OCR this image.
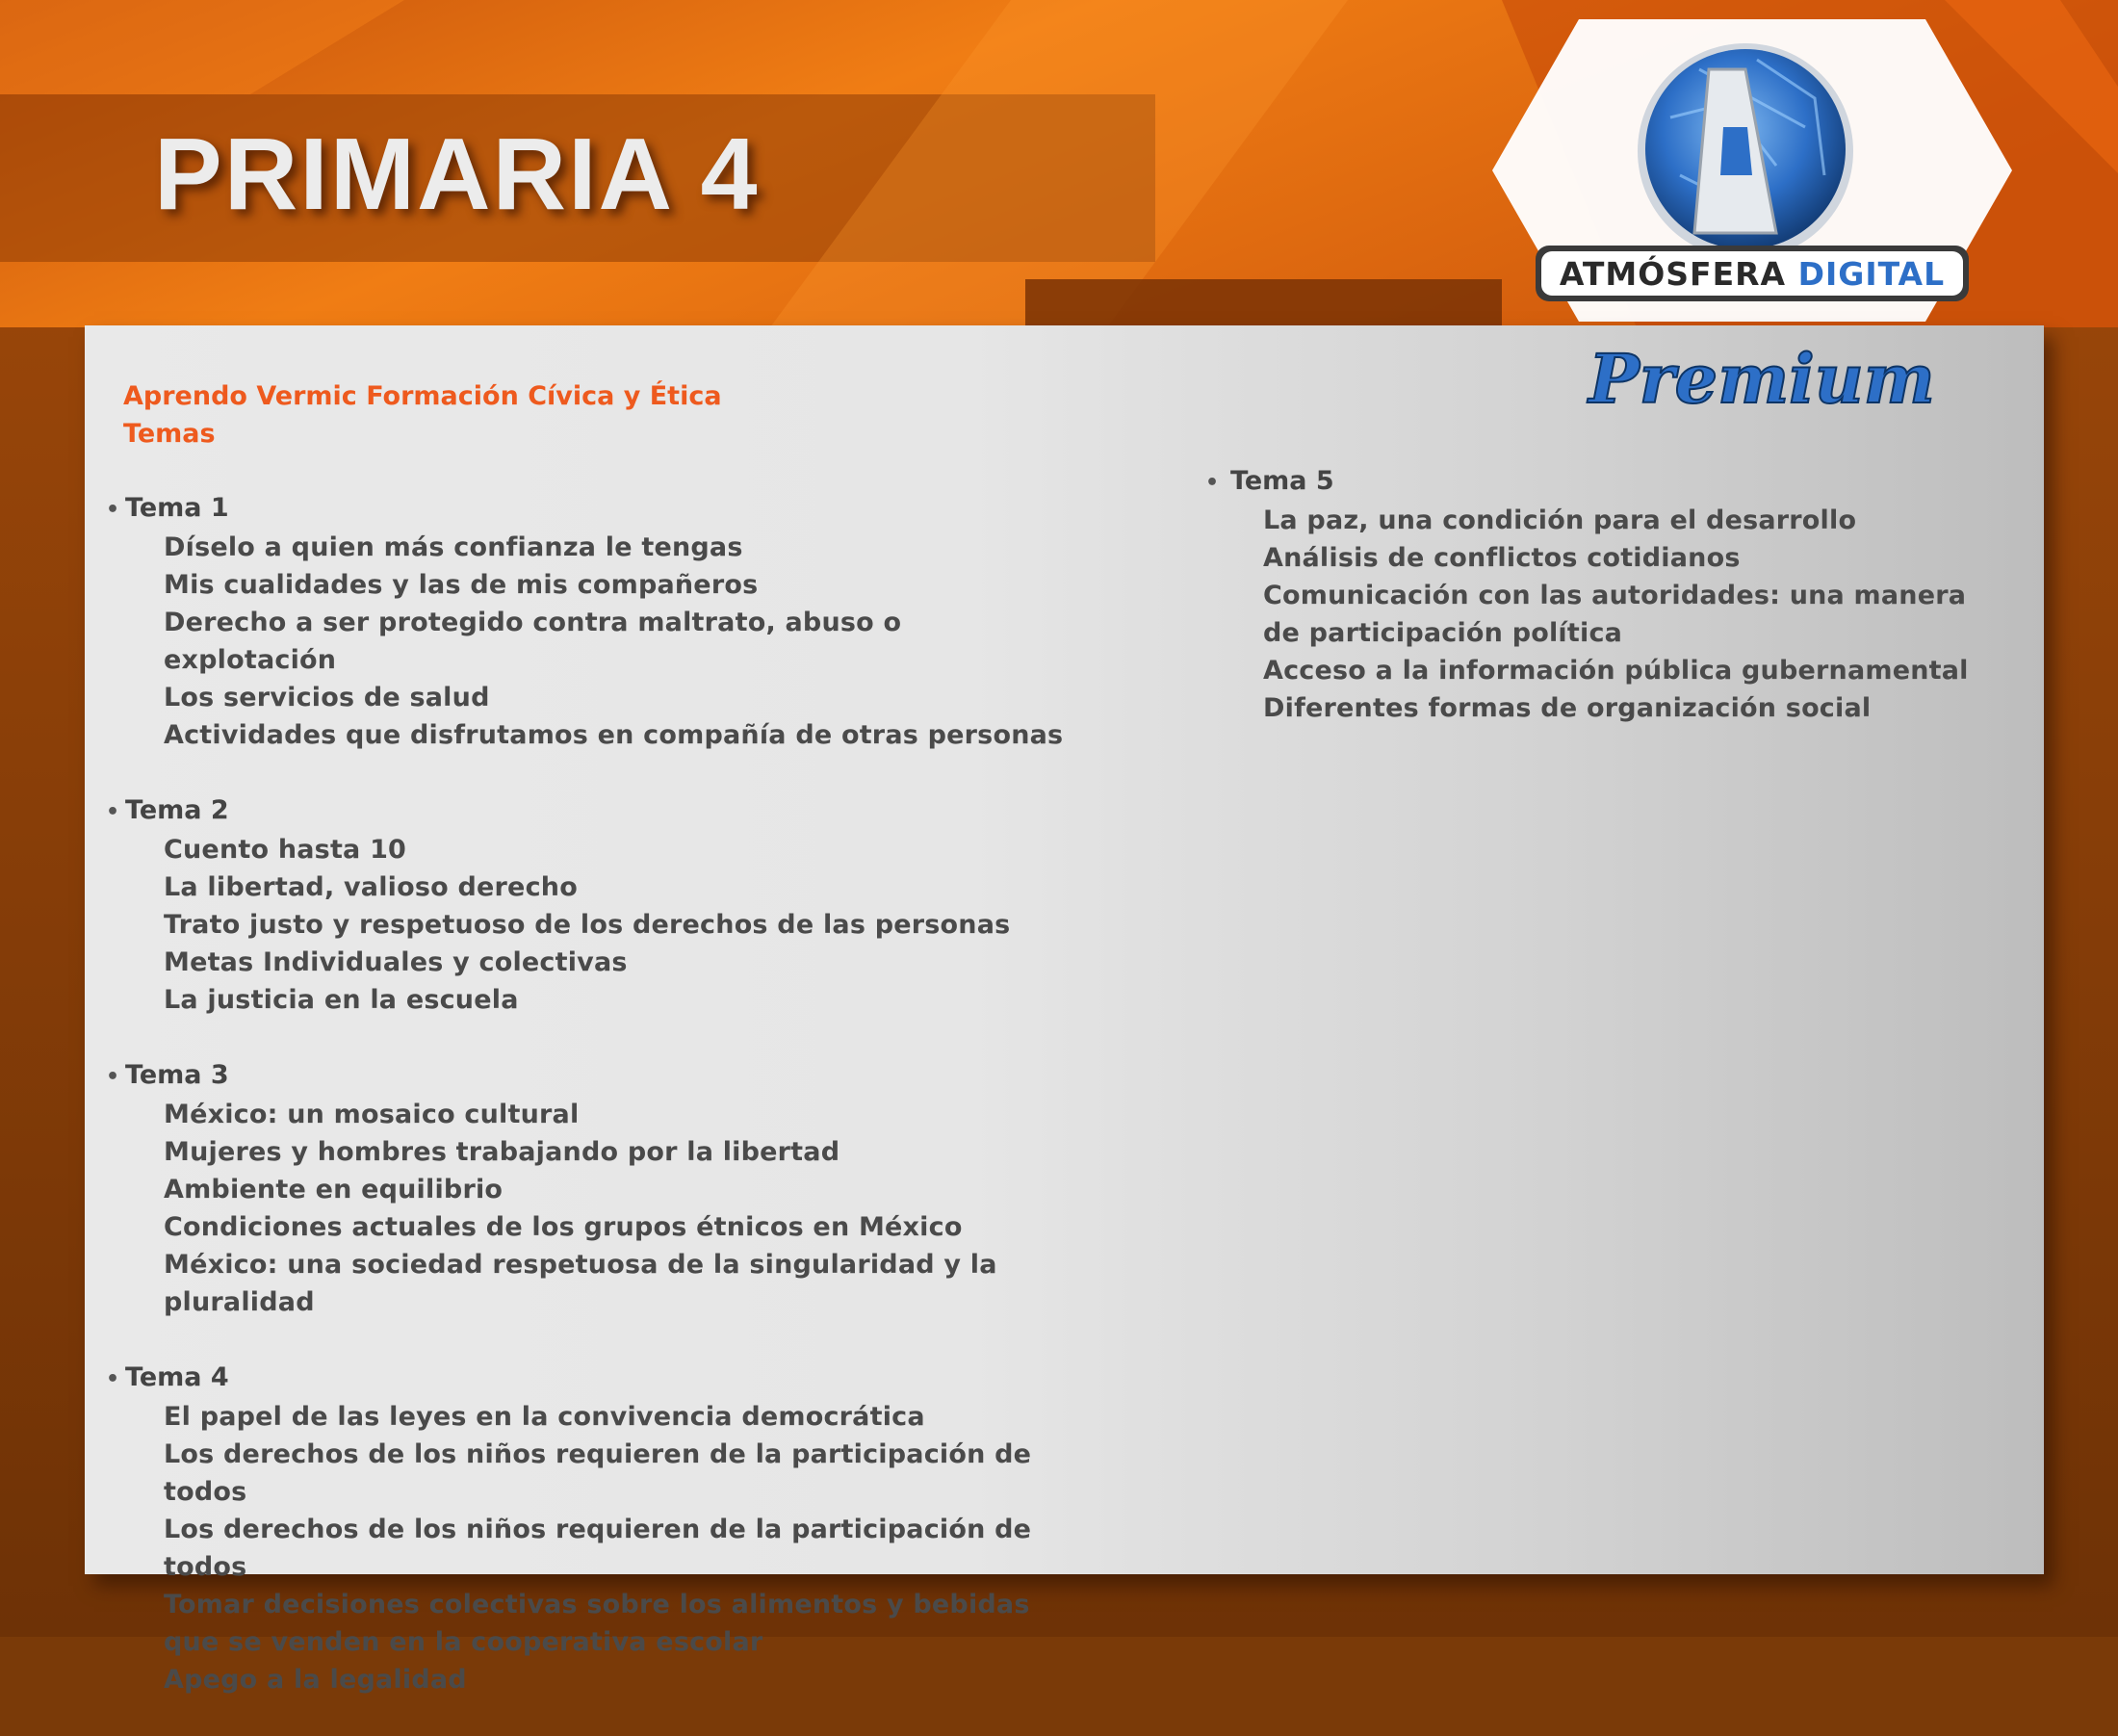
PRIMARIA 4
ATMÓSFERA DIGITAL
Premium
Aprendo Vermic Formación Cívica y Ética
Temas
• Tema 1
Díselo a quien más confianza le tengas
Mis cualidades y las de mis compañeros
Derecho a ser protegido contra maltrato, abuso o explotación
Los servicios de salud
Actividades que disfrutamos en compañía de otras personas
• Tema 2
Cuento hasta 10
La libertad, valioso derecho
Trato justo y respetuoso de los derechos de las personas
Metas Individuales y colectivas
La justicia en la escuela
• Tema 3
México: un mosaico cultural
Mujeres y hombres trabajando por la libertad
Ambiente en equilibrio
Condiciones actuales de los grupos étnicos en México
México: una sociedad respetuosa de la singularidad y la pluralidad
• Tema 4
El papel de las leyes en la convivencia democrática
Los derechos de los niños requieren de la participación de todos
Los derechos de los niños requieren de la participación de todos
Tomar decisiones colectivas sobre los alimentos y bebidas que se venden en la cooperativa escolar
Apego a la legalidad
• Tema 5
La paz, una condición para el desarrollo
Análisis de conflictos cotidianos
Comunicación con las autoridades: una manera de participación política
Acceso a la información pública gubernamental
Diferentes formas de organización social
